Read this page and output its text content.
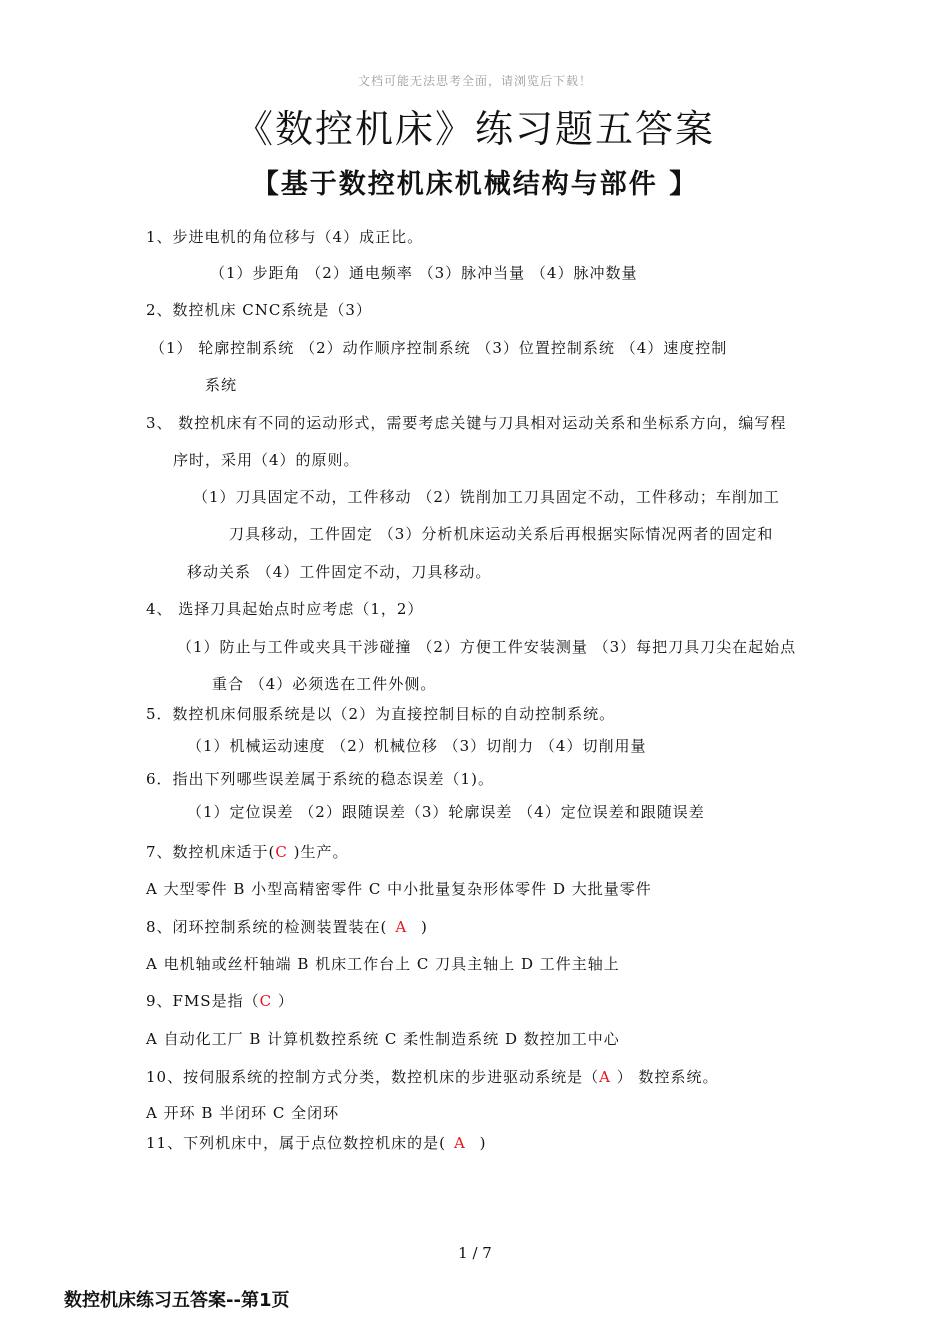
文档可能无法思考全面，请浏览后下载！
《数控机床》练习题五答案
【基于数控机床机械结构与部件 】
1、步进电机的角位移与（4）成正比。
（1）步距角 （2）通电频率 （3）脉冲当量 （4）脉冲数量
2、数控机床 CNC系统是（3）
（1） 轮廓控制系统 （2）动作顺序控制系统 （3）位置控制系统 （4）速度控制
系统
3、 数控机床有不同的运动形式，需要考虑关键与刀具相对运动关系和坐标系方向，编写程
序时，采用（4）的原则。
（1）刀具固定不动，工件移动 （2）铣削加工刀具固定不动，工件移动；车削加工
刀具移动，工件固定 （3）分析机床运动关系后再根据实际情况两者的固定和
移动关系 （4）工件固定不动，刀具移动。
4、 选择刀具起始点时应考虑（1，2）
（1）防止与工件或夹具干涉碰撞 （2）方便工件安装测量 （3）每把刀具刀尖在起始点
重合 （4）必须选在工件外侧。
5．数控机床伺服系统是以（2）为直接控制目标的自动控制系统。
（1）机械运动速度 （2）机械位移 （3）切削力 （4）切削用量
6．指出下列哪些误差属于系统的稳态误差（1)。
（1）定位误差 （2）跟随误差（3）轮廓误差 （4）定位误差和跟随误差
7、数控机床适于(C )生产。
A 大型零件 B 小型高精密零件 C 中小批量复杂形体零件 D 大批量零件
8、闭环控制系统的检测装置装在( A )
A 电机轴或丝杆轴端 B 机床工作台上 C 刀具主轴上 D 工件主轴上
9、FMS是指（C ）
A 自动化工厂 B 计算机数控系统 C 柔性制造系统 D 数控加工中心
10、按伺服系统的控制方式分类，数控机床的步进驱动系统是（A ） 数控系统。
A 开环 B 半闭环 C 全闭环
11、下列机床中，属于点位数控机床的是( A )
1 / 7
数控机床练习五答案--第1页
